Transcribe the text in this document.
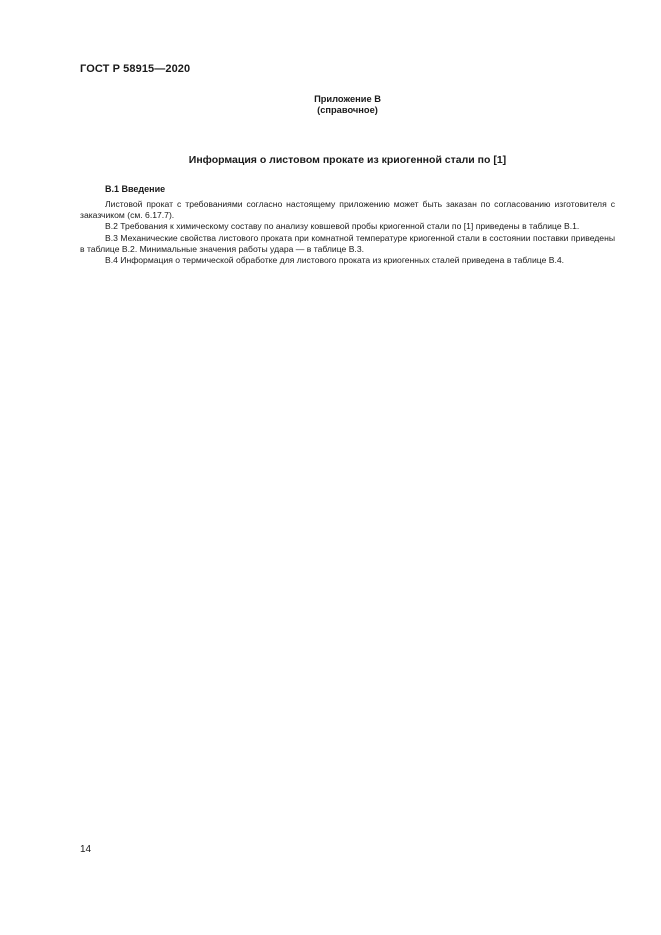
ГОСТ Р 58915—2020
Приложение В
(справочное)
Информация о листовом прокате из криогенной стали по [1]
В.1 Введение

Листовой прокат с требованиями согласно настоящему приложению может быть заказан по согласованию изготовителя с заказчиком (см. 6.17.7).

В.2 Требования к химическому составу по анализу ковшевой пробы криогенной стали по [1] приведены в таблице В.1.

В.3 Механические свойства листового проката при комнатной температуре криогенной стали в состоянии поставки приведены в таблице В.2. Минимальные значения работы удара — в таблице В.3.

В.4 Информация о термической обработке для листового проката из криогенных сталей приведена в таблице В.4.

14
